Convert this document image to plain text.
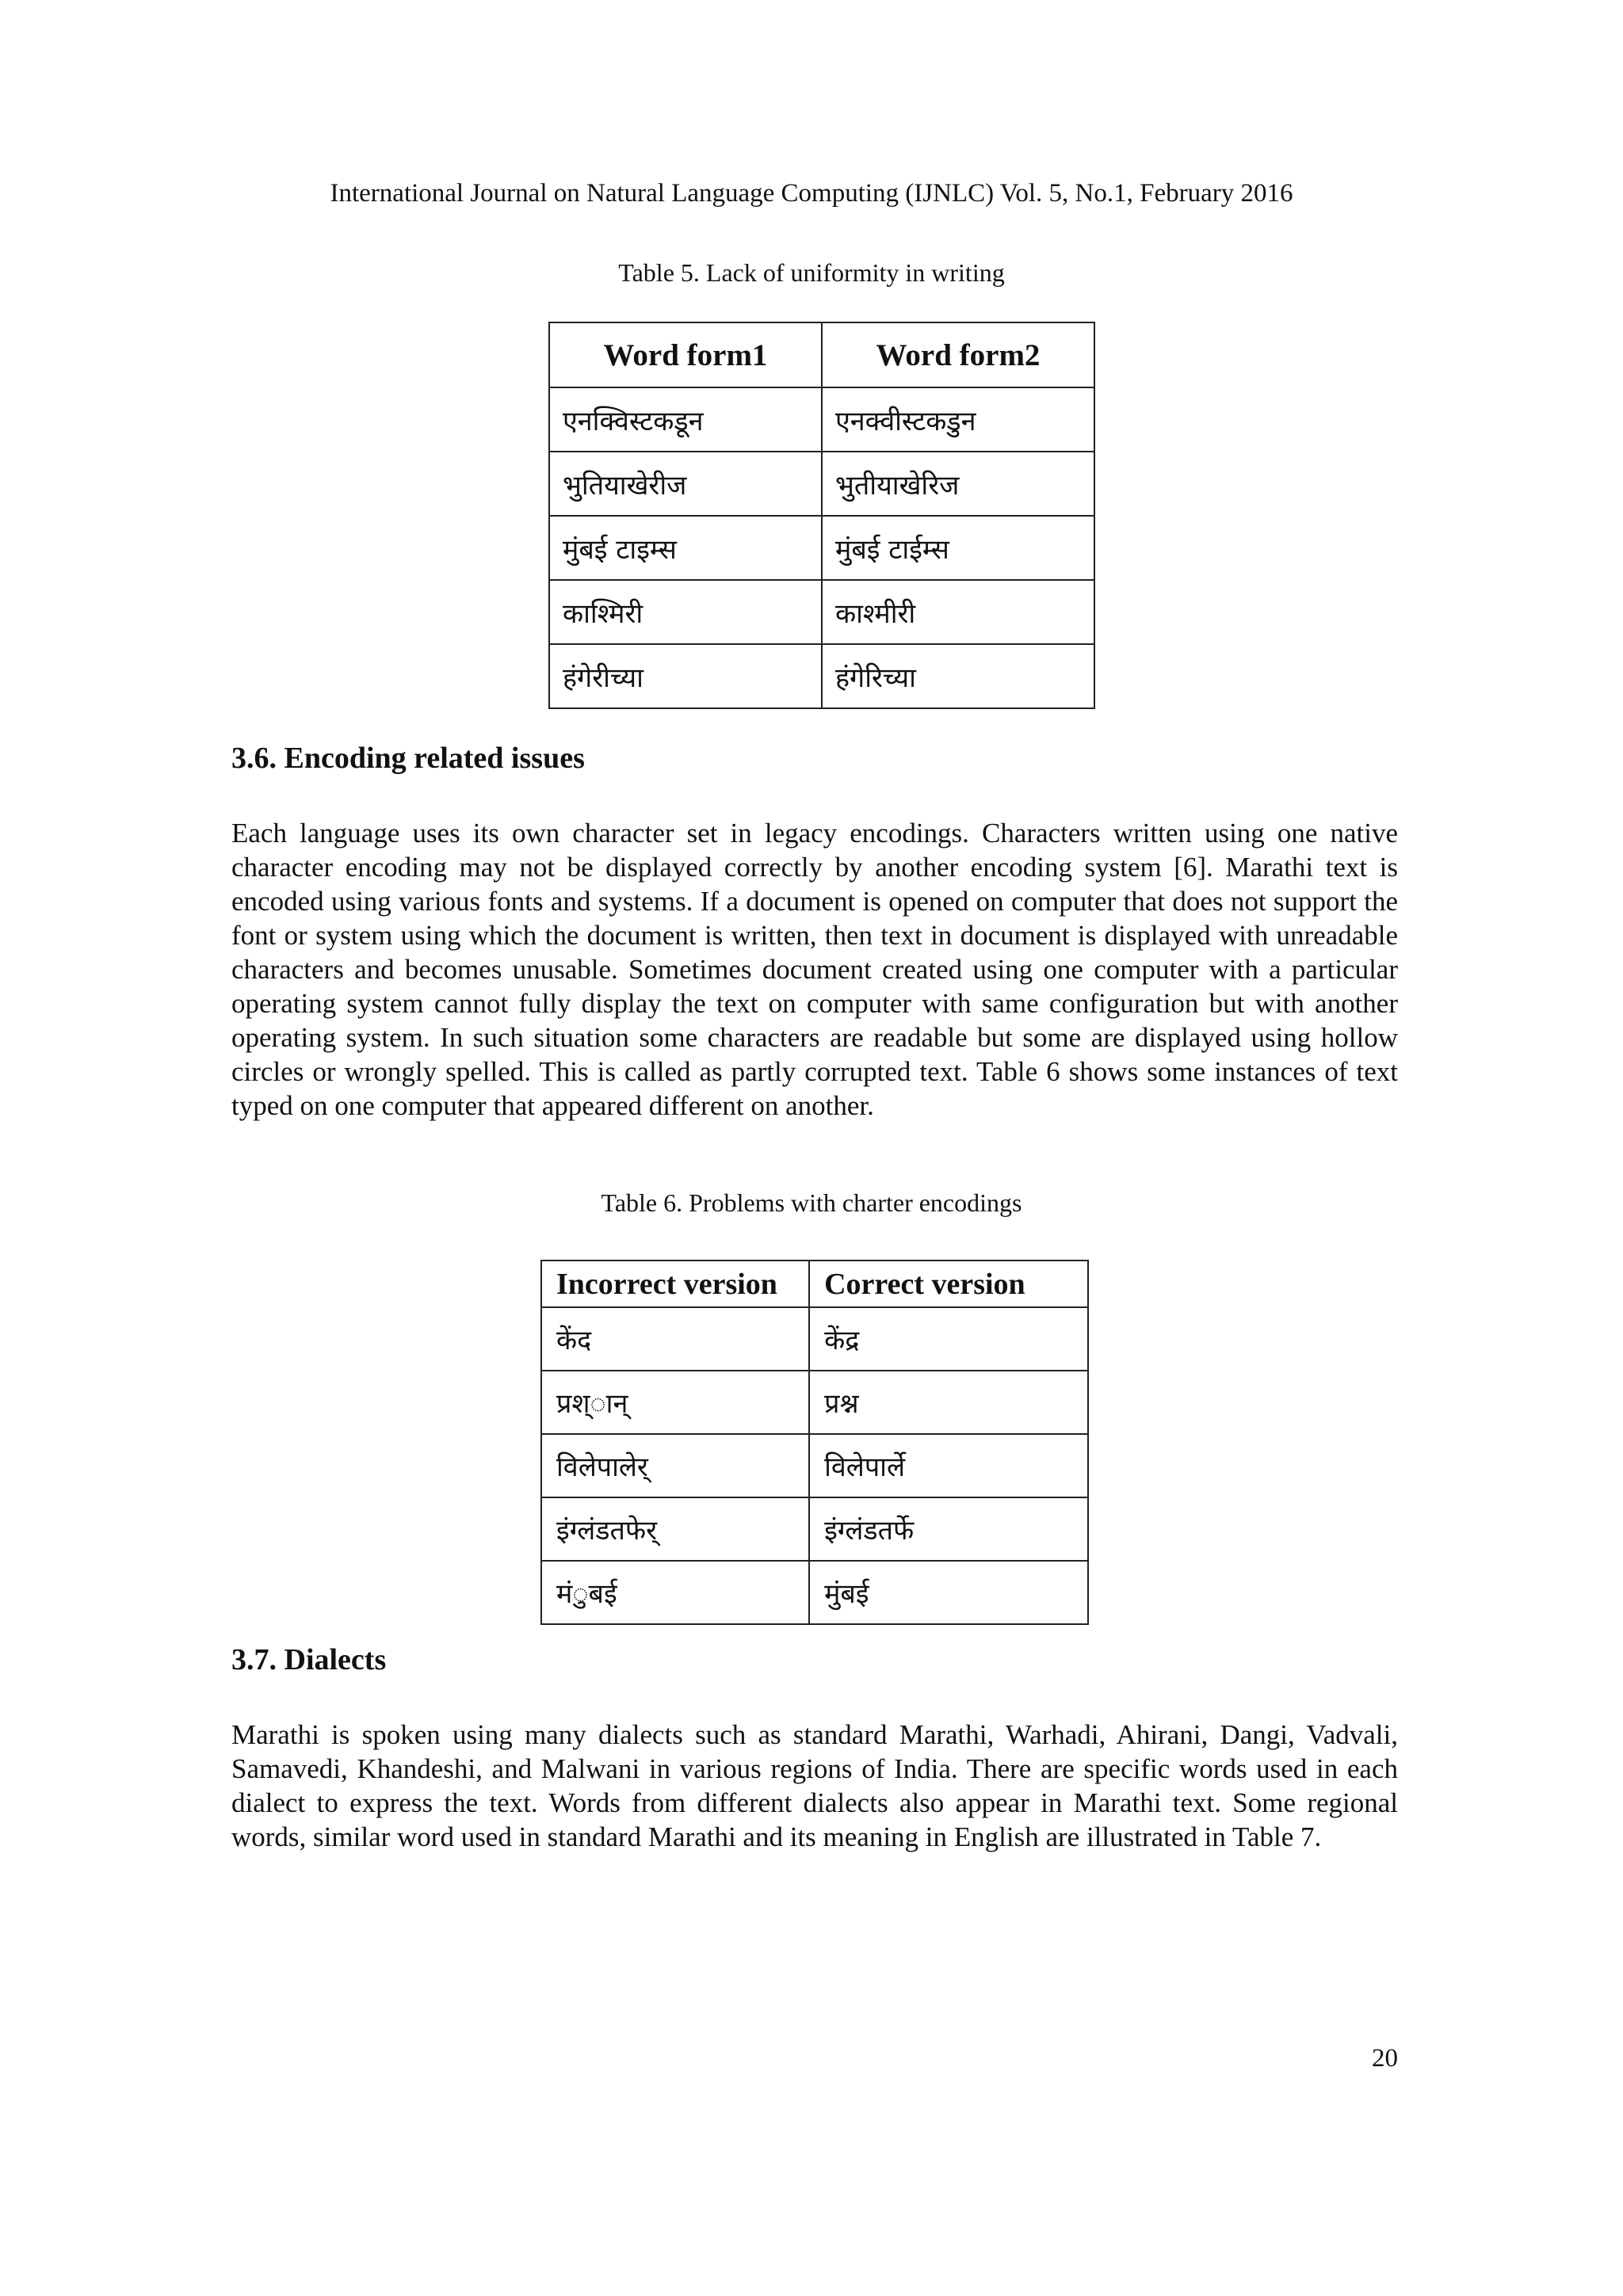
International Journal on Natural Language Computing (IJNLC) Vol. 5, No.1, February 2016
Table 5. Lack of uniformity in writing
Word form1	Word form2
एनक्विस्टकडून	एनक्वीस्टकडुन
भुतियाखेरीज	भुतीयाखेरिज
मुंबई टाइम्स	मुंबई टाईम्स
काश्मिरी	काश्मीरी
हंगेरीच्या	हंगेरिच्या
3.6. Encoding related issues
Each language uses its own character set in legacy encodings. Characters written using one native character encoding may not be displayed correctly by another encoding system [6]. Marathi text is encoded using various fonts and systems. If a document is opened on computer that does not support the font or system using which the document is written, then text in document is displayed with unreadable characters and becomes unusable. Sometimes document created using one computer with a particular operating system cannot fully display the text on computer with same configuration but with another operating system. In such situation some characters are readable but some are displayed using hollow circles or wrongly spelled. This is called as partly corrupted text. Table 6 shows some instances of text typed on one computer that appeared different on another.
Table 6. Problems with charter encodings
Incorrect version	Correct version
केंद	केंद्र
प्रश्ान्	प्रश्न
विलेपालेर्	विलेपार्ले
इंग्लंडतफेर्	इंग्लंडतर्फे
मंुबई	मुंबई
3.7. Dialects
Marathi is spoken using many dialects such as standard Marathi, Warhadi, Ahirani, Dangi, Vadvali, Samavedi, Khandeshi, and Malwani in various regions of India. There are specific words used in each dialect to express the text. Words from different dialects also appear in Marathi text. Some regional words, similar word used in standard Marathi and its meaning in English are illustrated in Table 7.
20
